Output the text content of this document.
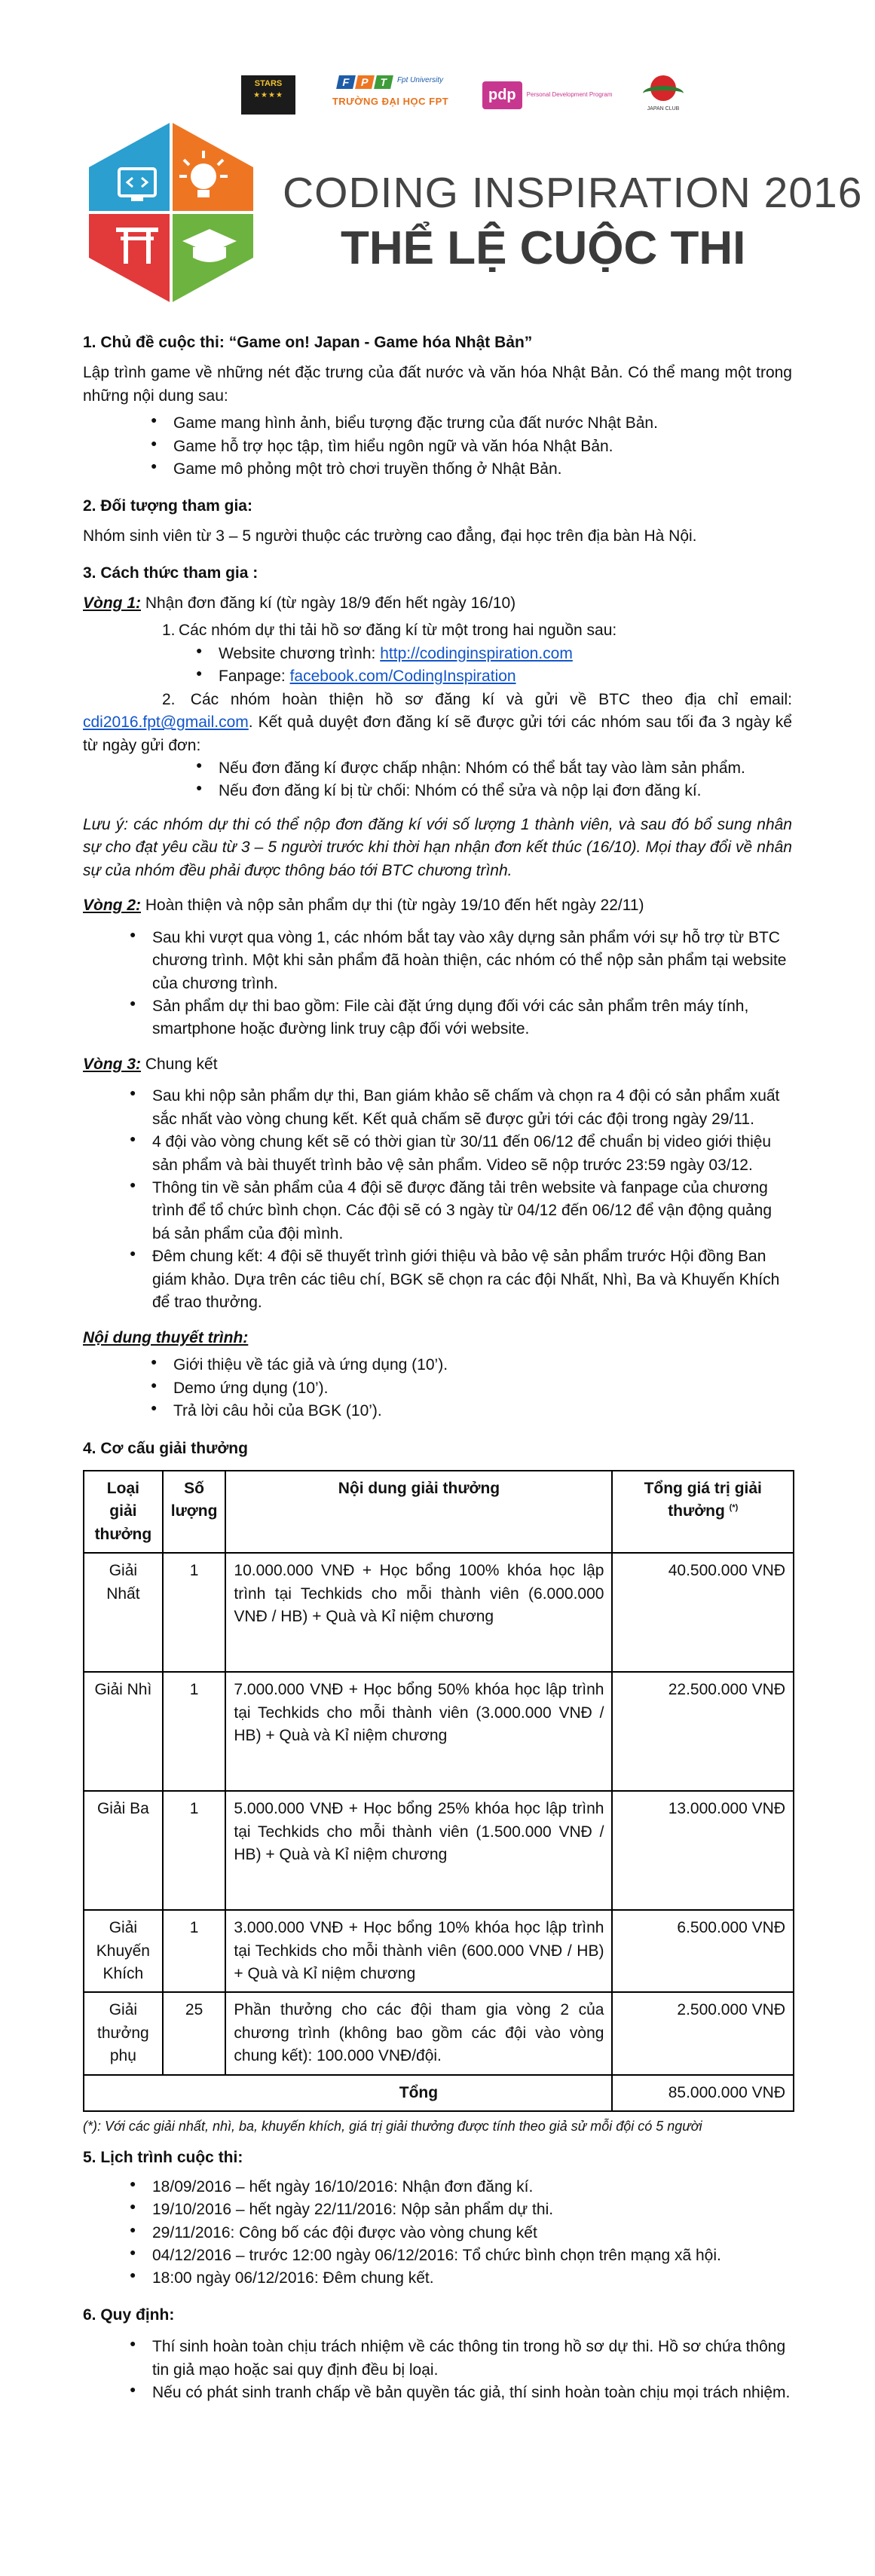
STARS
★★★★
F P T	Fpt University
TRƯỜNG ĐẠI HỌC FPT	pdp	Personal Development Program
JAPAN CLUB
CODING INSPIRATION 2016
THỂ LỆ CUỘC THI
1. Chủ đề cuộc thi: “Game on! Japan - Game hóa Nhật Bản”

Lập trình game về những nét đặc trưng của đất nước và văn hóa Nhật Bản. Có thể mang một trong những nội dung sau:

● Game mang hình ảnh, biểu tượng đặc trưng của đất nước Nhật Bản.
● Game hỗ trợ học tập, tìm hiểu ngôn ngữ và văn hóa Nhật Bản.
● Game mô phỏng một trò chơi truyền thống ở Nhật Bản.
2. Đối tượng tham gia:

Nhóm sinh viên từ 3 – 5 người thuộc các trường cao đẳng, đại học trên địa bàn Hà Nội.

3. Cách thức tham gia :

Vòng 1: Nhận đơn đăng kí (từ ngày 18/9 đến hết ngày 16/10)

1. Các nhóm dự thi tải hồ sơ đăng kí từ một trong hai nguồn sau:
● Website chương trình: http://codinginspiration.com
● Fanpage: facebook.com/CodingInspiration
2. Các nhóm hoàn thiện hồ sơ đăng kí và gửi về BTC theo địa chỉ email: cdi2016.fpt@gmail.com. Kết quả duyệt đơn đăng kí sẽ được gửi tới các nhóm sau tối đa 3 ngày kể từ ngày gửi đơn:
● Nếu đơn đăng kí được chấp nhận: Nhóm có thể bắt tay vào làm sản phẩm.
● Nếu đơn đăng kí bị từ chối: Nhóm có thể sửa và nộp lại đơn đăng kí.
Lưu ý: các nhóm dự thi có thể nộp đơn đăng kí với số lượng 1 thành viên, và sau đó bổ sung nhân sự cho đạt yêu cầu từ 3 – 5 người trước khi thời hạn nhận đơn kết thúc (16/10). Mọi thay đổi về nhân sự của nhóm đều phải được thông báo tới BTC chương trình.

Vòng 2: Hoàn thiện và nộp sản phẩm dự thi (từ ngày 19/10 đến hết ngày 22/11)

● Sau khi vượt qua vòng 1, các nhóm bắt tay vào xây dựng sản phẩm với sự hỗ trợ từ BTC chương trình. Một khi sản phẩm đã hoàn thiện, các nhóm có thể nộp sản phẩm tại website của chương trình.
● Sản phẩm dự thi bao gồm: File cài đặt ứng dụng đối với các sản phẩm trên máy tính, smartphone hoặc đường link truy cập đối với website.

Vòng 3: Chung kết

● Sau khi nộp sản phẩm dự thi, Ban giám khảo sẽ chấm và chọn ra 4 đội có sản phẩm xuất sắc nhất vào vòng chung kết. Kết quả chấm sẽ được gửi tới các đội trong ngày 29/11.
● 4 đội vào vòng chung kết sẽ có thời gian từ 30/11 đến 06/12 để chuẩn bị video giới thiệu sản phẩm và bài thuyết trình bảo vệ sản phẩm. Video sẽ nộp trước 23:59 ngày 03/12.
● Thông tin về sản phẩm của 4 đội sẽ được đăng tải trên website và fanpage của chương trình để tổ chức bình chọn. Các đội sẽ có 3 ngày từ 04/12 đến 06/12 để vận động quảng bá sản phẩm của đội mình.
● Đêm chung kết: 4 đội sẽ thuyết trình giới thiệu và bảo vệ sản phẩm trước Hội đồng Ban giám khảo. Dựa trên các tiêu chí, BGK sẽ chọn ra các đội Nhất, Nhì, Ba và Khuyến Khích để trao thưởng.

Nội dung thuyết trình:

● Giới thiệu về tác giả và ứng dụng (10’).
● Demo ứng dụng (10’).
● Trả lời câu hỏi của BGK (10’).
4. Cơ cấu giải thưởng
Loại giải thưởng	Số lượng	Nội dung giải thưởng	Tổng giá trị giải thưởng (*)
Giải Nhất	1	10.000.000 VNĐ + Học bổng 100% khóa học lập trình tại Techkids cho mỗi thành viên (6.000.000 VNĐ / HB) + Quà và Kỉ niệm chương	40.500.000 VNĐ
Giải Nhì	1	7.000.000 VNĐ + Học bổng 50% khóa học lập trình tại Techkids cho mỗi thành viên (3.000.000 VNĐ / HB) + Quà và Kỉ niệm chương	22.500.000 VNĐ
Giải Ba	1	5.000.000 VNĐ + Học bổng 25% khóa học lập trình tại Techkids cho mỗi thành viên (1.500.000 VNĐ / HB) + Quà và Kỉ niệm chương	13.000.000 VNĐ
Giải Khuyến Khích	1	3.000.000 VNĐ + Học bổng 10% khóa học lập trình tại Techkids cho mỗi thành viên (600.000 VNĐ / HB) + Quà và Kỉ niệm chương	6.500.000 VNĐ
Giải thưởng phụ	25	Phần thưởng cho các đội tham gia vòng 2 của chương trình (không bao gồm các đội vào vòng chung kết): 100.000 VNĐ/đội.	2.500.000 VNĐ
		Tổng	85.000.000 VNĐ
(*): Với các giải nhất, nhì, ba, khuyến khích, giá trị giải thưởng được tính theo giả sử mỗi đội có 5 người
5. Lịch trình cuộc thi:
● 18/09/2016 – hết ngày 16/10/2016: Nhận đơn đăng kí.
● 19/10/2016 – hết ngày 22/11/2016: Nộp sản phẩm dự thi.
● 29/11/2016: Công bố các đội được vào vòng chung kết
● 04/12/2016 – trước 12:00 ngày 06/12/2016: Tổ chức bình chọn trên mạng xã hội.
● 18:00 ngày 06/12/2016: Đêm chung kết.
6. Quy định:
● Thí sinh hoàn toàn chịu trách nhiệm về các thông tin trong hồ sơ dự thi. Hồ sơ chứa thông tin giả mạo hoặc sai quy định đều bị loại.
● Nếu có phát sinh tranh chấp về bản quyền tác giả, thí sinh hoàn toàn chịu mọi trách nhiệm.
